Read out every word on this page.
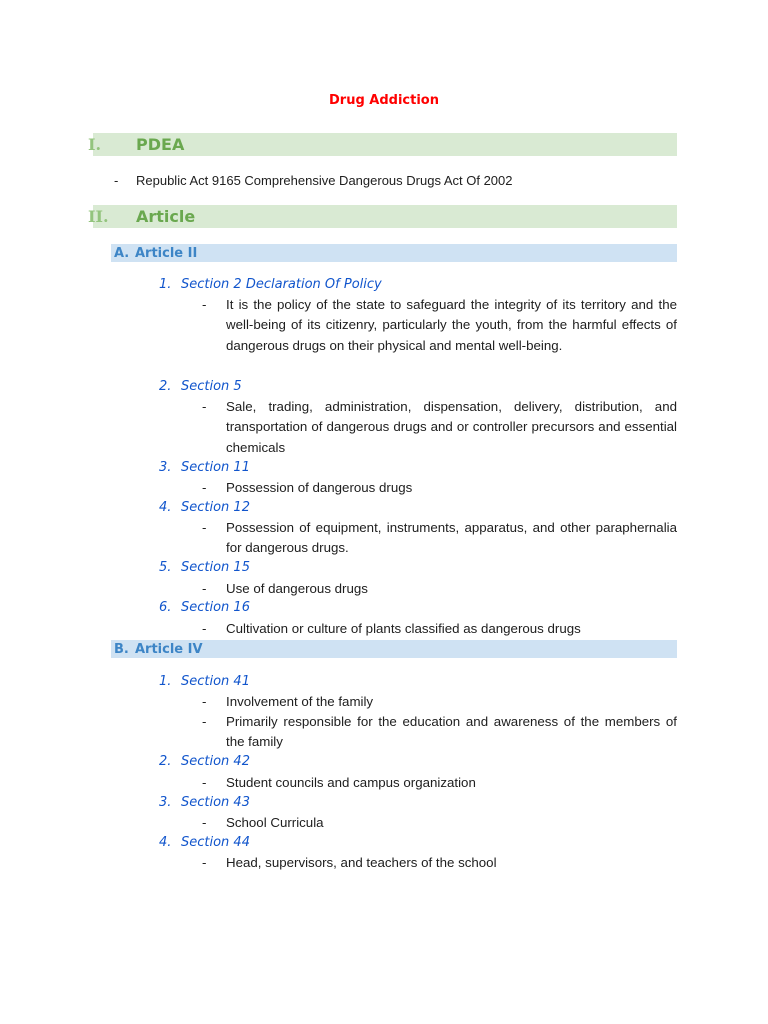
Drug Addiction
I. PDEA
- Republic Act 9165 Comprehensive Dangerous Drugs Act Of 2002
II. Article
A. Article II
1. Section 2 Declaration Of Policy
- It is the policy of the state to safeguard the integrity of its territory and the well-being of its citizenry, particularly the youth, from the harmful effects of dangerous drugs on their physical and mental well-being.
2. Section 5
- Sale, trading, administration, dispensation, delivery, distribution, and transportation of dangerous drugs and or controller precursors and essential chemicals
3. Section 11
- Possession of dangerous drugs
4. Section 12
- Possession of equipment, instruments, apparatus, and other paraphernalia for dangerous drugs.
5. Section 15
- Use of dangerous drugs
6. Section 16
- Cultivation or culture of plants classified as dangerous drugs
B. Article IV
1. Section 41
- Involvement of the family
- Primarily responsible for the education and awareness of the members of the family
2. Section 42
- Student councils and campus organization
3. Section 43
- School Curricula
4. Section 44
- Head, supervisors, and teachers of the school
